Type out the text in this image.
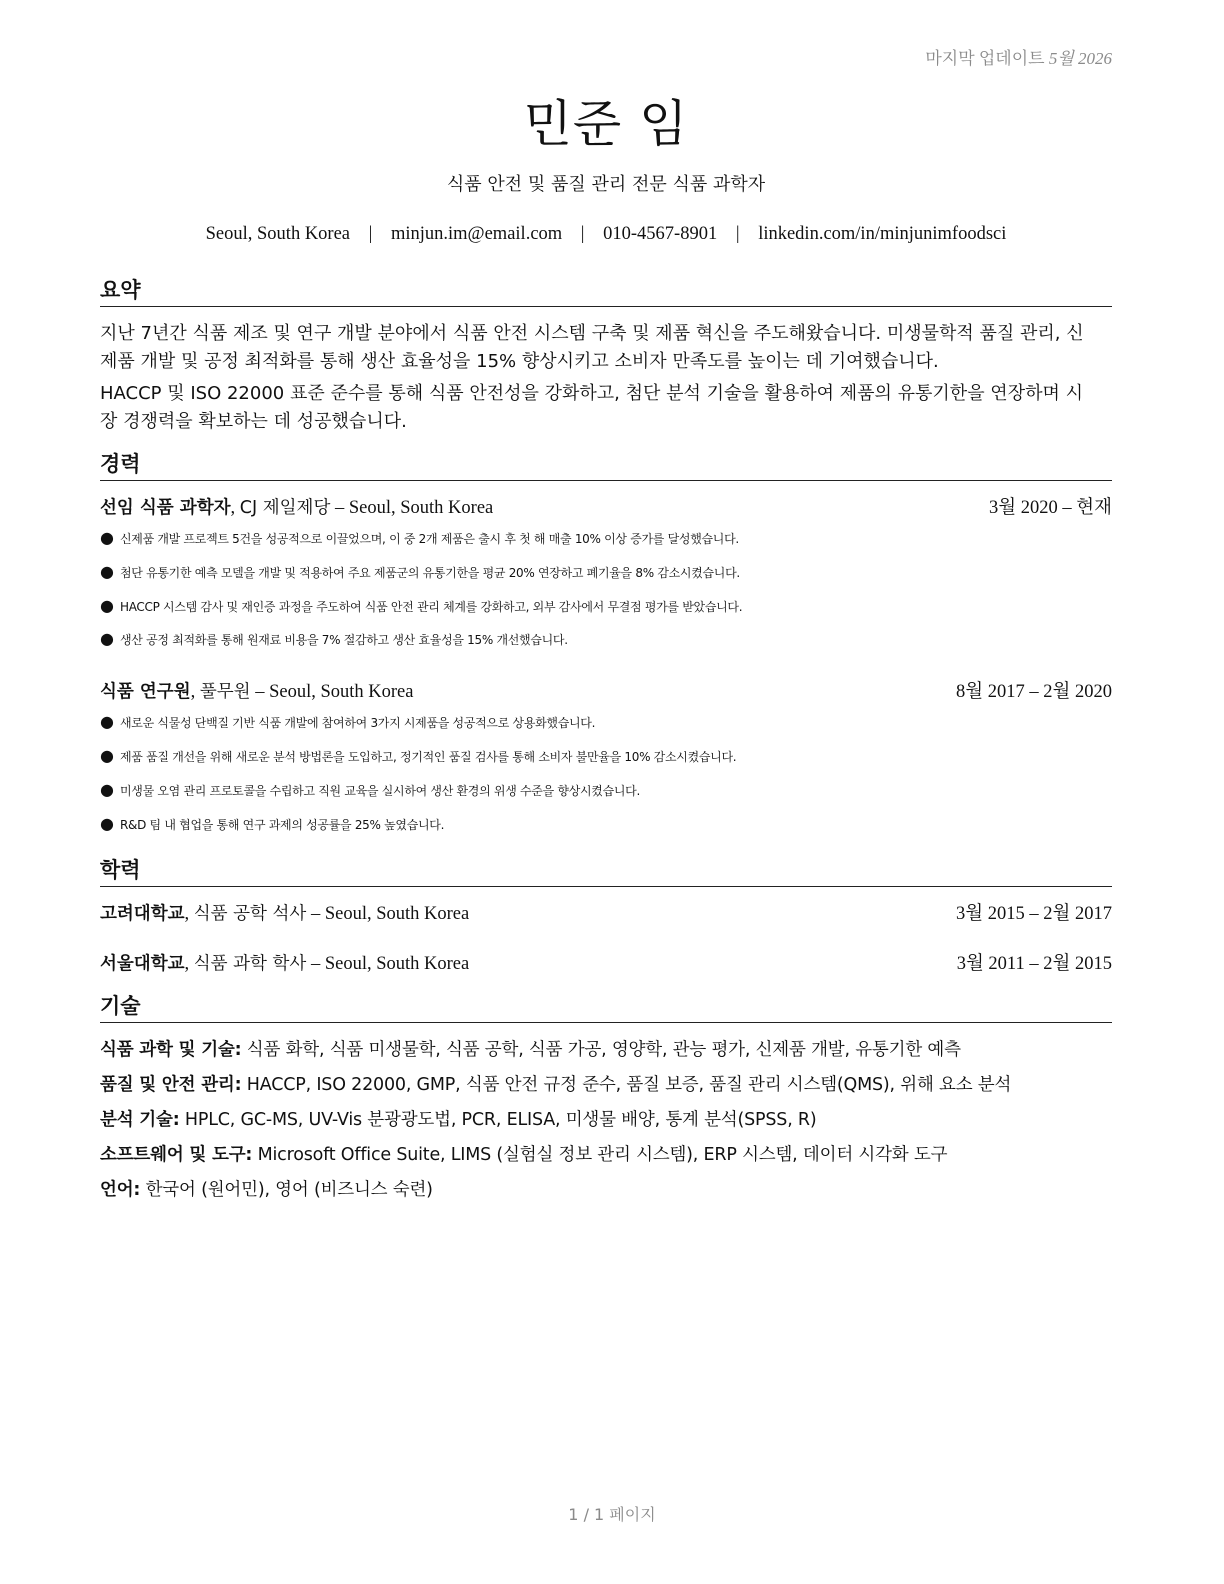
마지막 업데이트 5월 2026
민준 임
식품 안전 및 품질 관리 전문 식품 과학자
Seoul, South Korea | minjun.im@email.com | 010-4567-8901 | linkedin.com/in/minjunimfoodsci
요약
지난 7년간 식품 제조 및 연구 개발 분야에서 식품 안전 시스템 구축 및 제품 혁신을 주도해왔습니다. 미생물학적 품질 관리, 신
제품 개발 및 공정 최적화를 통해 생산 효율성을 15% 향상시키고 소비자 만족도를 높이는 데 기여했습니다.
HACCP 및 ISO 22000 표준 준수를 통해 식품 안전성을 강화하고, 첨단 분석 기술을 활용하여 제품의 유통기한을 연장하며 시
장 경쟁력을 확보하는 데 성공했습니다.
경력
선임 식품 과학자, CJ 제일제당 – Seoul, South Korea	3월 2020 – 현재
● 신제품 개발 프로젝트 5건을 성공적으로 이끌었으며, 이 중 2개 제품은 출시 후 첫 해 매출 10% 이상 증가를 달성했습니다.
● 첨단 유통기한 예측 모델을 개발 및 적용하여 주요 제품군의 유통기한을 평균 20% 연장하고 폐기율을 8% 감소시켰습니다.
● HACCP 시스템 감사 및 재인증 과정을 주도하여 식품 안전 관리 체계를 강화하고, 외부 감사에서 무결점 평가를 받았습니다.
● 생산 공정 최적화를 통해 원재료 비용을 7% 절감하고 생산 효율성을 15% 개선했습니다.
식품 연구원, 풀무원 – Seoul, South Korea	8월 2017 – 2월 2020
● 새로운 식물성 단백질 기반 식품 개발에 참여하여 3가지 시제품을 성공적으로 상용화했습니다.
● 제품 품질 개선을 위해 새로운 분석 방법론을 도입하고, 정기적인 품질 검사를 통해 소비자 불만율을 10% 감소시켰습니다.
● 미생물 오염 관리 프로토콜을 수립하고 직원 교육을 실시하여 생산 환경의 위생 수준을 향상시켰습니다.
● R&D 팀 내 협업을 통해 연구 과제의 성공률을 25% 높였습니다.
학력
고려대학교, 식품 공학 석사 – Seoul, South Korea	3월 2015 – 2월 2017
서울대학교, 식품 과학 학사 – Seoul, South Korea	3월 2011 – 2월 2015
기술
식품 과학 및 기술: 식품 화학, 식품 미생물학, 식품 공학, 식품 가공, 영양학, 관능 평가, 신제품 개발, 유통기한 예측
품질 및 안전 관리: HACCP, ISO 22000, GMP, 식품 안전 규정 준수, 품질 보증, 품질 관리 시스템(QMS), 위해 요소 분석
분석 기술: HPLC, GC-MS, UV-Vis 분광광도법, PCR, ELISA, 미생물 배양, 통계 분석(SPSS, R)
소프트웨어 및 도구: Microsoft Office Suite, LIMS (실험실 정보 관리 시스템), ERP 시스템, 데이터 시각화 도구
언어: 한국어 (원어민), 영어 (비즈니스 숙련)
1 / 1 페이지
